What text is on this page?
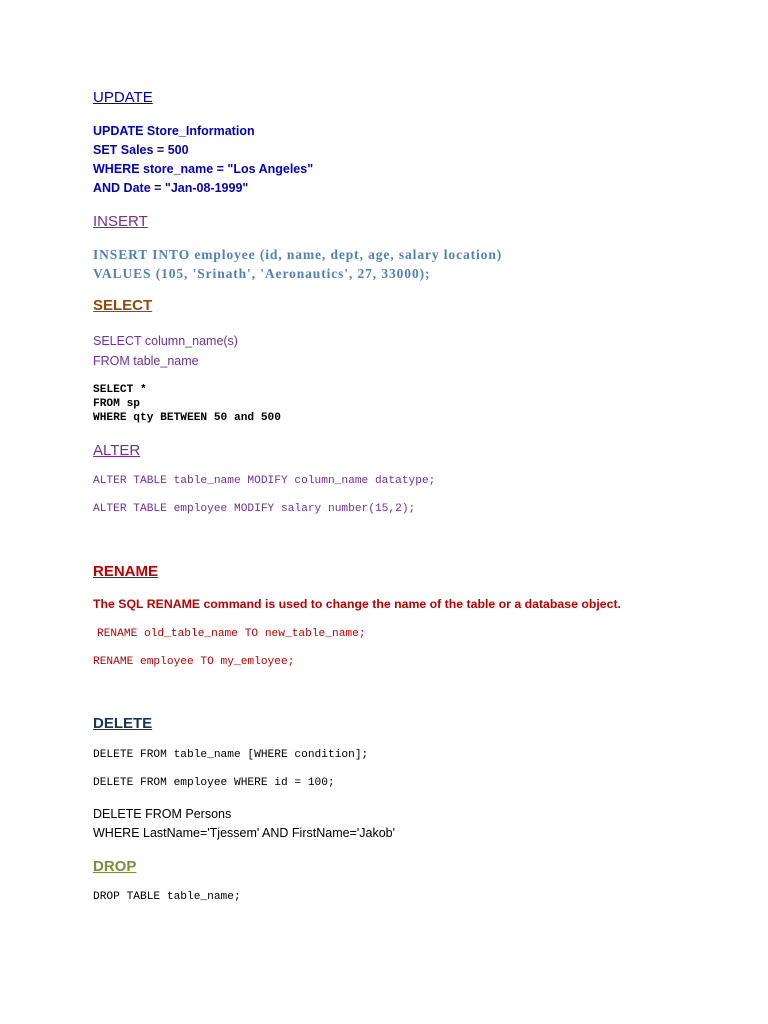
UPDATE
UPDATE Store_Information
SET Sales = 500
WHERE store_name = "Los Angeles"
AND Date = "Jan-08-1999"
INSERT
INSERT INTO employee (id, name, dept, age, salary location)
VALUES (105, 'Srinath', 'Aeronautics', 27, 33000);
SELECT
SELECT column_name(s)
FROM table_name
SELECT *
FROM sp
WHERE qty BETWEEN 50 and 500
ALTER
ALTER TABLE table_name MODIFY column_name datatype;
ALTER TABLE employee MODIFY salary number(15,2);
RENAME
The SQL RENAME command is used to change the name of the table or a database object.
RENAME old_table_name TO new_table_name;
RENAME employee TO my_emloyee;
DELETE
DELETE FROM table_name [WHERE condition];
DELETE FROM employee WHERE id = 100;
DELETE FROM Persons
WHERE LastName='Tjessem' AND FirstName='Jakob'
DROP
DROP TABLE table_name;
